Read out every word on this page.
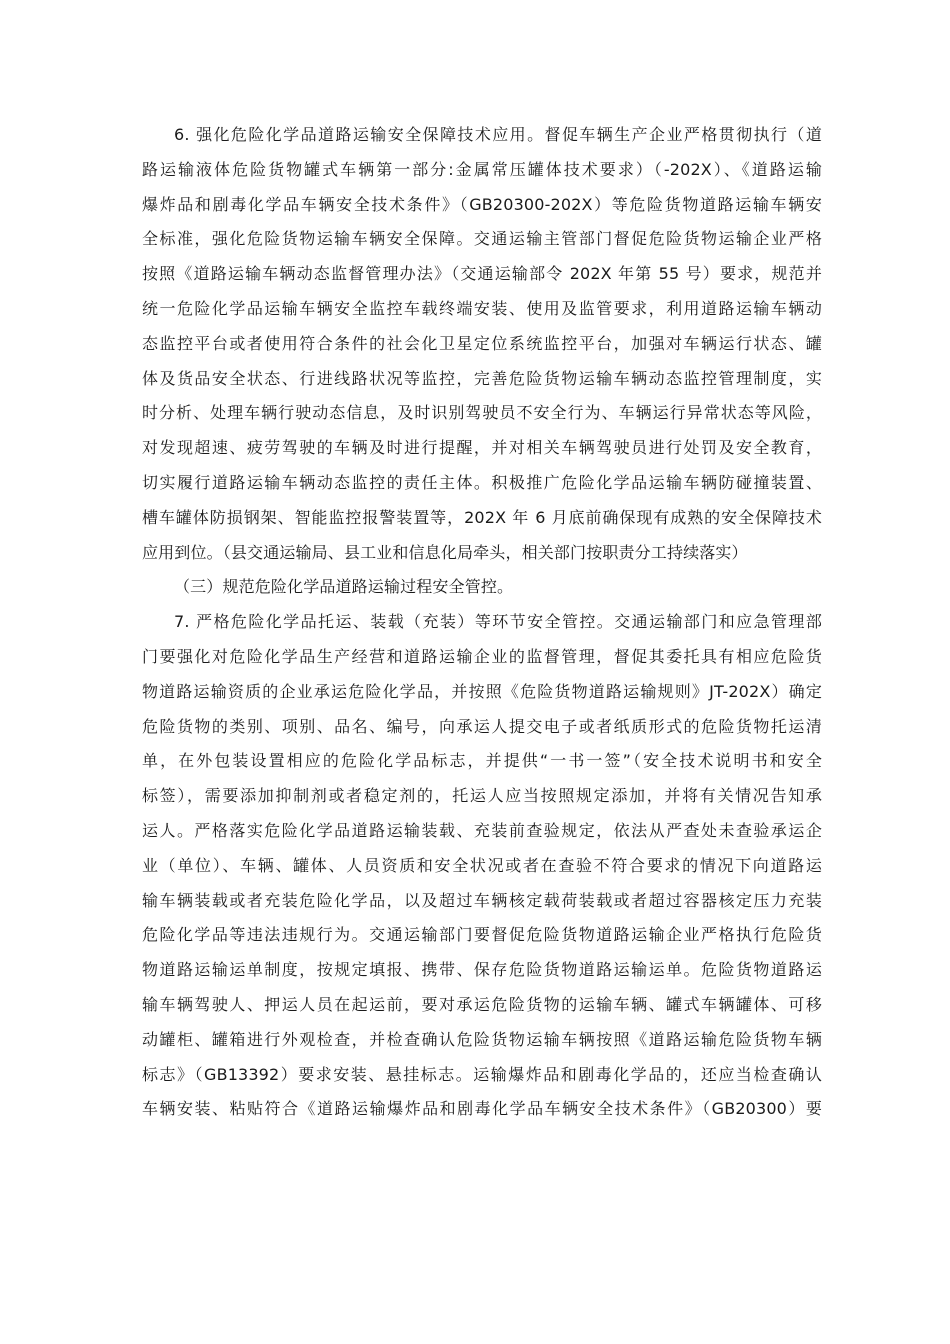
6. 强化危险化学品道路运输安全保障技术应用。督促车辆生产企业严格贯彻执行（道
路运输液体危险货物罐式车辆第一部分:金属常压罐体技术要求）（-202X）、《道路运输
爆炸品和剧毒化学品车辆安全技术条件》（GB20300-202X）等危险货物道路运输车辆安
全标准，强化危险货物运输车辆安全保障。交通运输主管部门督促危险货物运输企业严格
按照《道路运输车辆动态监督管理办法》（交通运输部令 202X 年第 55 号）要求，规范并
统一危险化学品运输车辆安全监控车载终端安装、使用及监管要求，利用道路运输车辆动
态监控平台或者使用符合条件的社会化卫星定位系统监控平台，加强对车辆运行状态、罐
体及货品安全状态、行进线路状况等监控，完善危险货物运输车辆动态监控管理制度，实
时分析、处理车辆行驶动态信息，及时识别驾驶员不安全行为、车辆运行异常状态等风险，
对发现超速、疲劳驾驶的车辆及时进行提醒，并对相关车辆驾驶员进行处罚及安全教育，
切实履行道路运输车辆动态监控的责任主体。积极推广危险化学品运输车辆防碰撞装置、
槽车罐体防损钢架、智能监控报警装置等，202X 年 6 月底前确保现有成熟的安全保障技术
应用到位。（县交通运输局、县工业和信息化局牵头，相关部门按职责分工持续落实）
（三）规范危险化学品道路运输过程安全管控。
7. 严格危险化学品托运、装载（充装）等环节安全管控。交通运输部门和应急管理部
门要强化对危险化学品生产经营和道路运输企业的监督管理，督促其委托具有相应危险货
物道路运输资质的企业承运危险化学品，并按照《危险货物道路运输规则》JT-202X）确定
危险货物的类别、项别、品名、编号，向承运人提交电子或者纸质形式的危险货物托运清
单，在外包装设置相应的危险化学品标志，并提供“一书一签”（安全技术说明书和安全
标签），需要添加抑制剂或者稳定剂的，托运人应当按照规定添加，并将有关情况告知承
运人。严格落实危险化学品道路运输装载、充装前查验规定，依法从严查处未查验承运企
业（单位）、车辆、罐体、人员资质和安全状况或者在查验不符合要求的情况下向道路运
输车辆装载或者充装危险化学品，以及超过车辆核定载荷装载或者超过容器核定压力充装
危险化学品等违法违规行为。交通运输部门要督促危险货物道路运输企业严格执行危险货
物道路运输运单制度，按规定填报、携带、保存危险货物道路运输运单。危险货物道路运
输车辆驾驶人、押运人员在起运前，要对承运危险货物的运输车辆、罐式车辆罐体、可移
动罐柜、罐箱进行外观检查，并检查确认危险货物运输车辆按照《道路运输危险货物车辆
标志》（GB13392）要求安装、悬挂标志。运输爆炸品和剧毒化学品的，还应当检查确认
车辆安装、粘贴符合《道路运输爆炸品和剧毒化学品车辆安全技术条件》（GB20300）要
